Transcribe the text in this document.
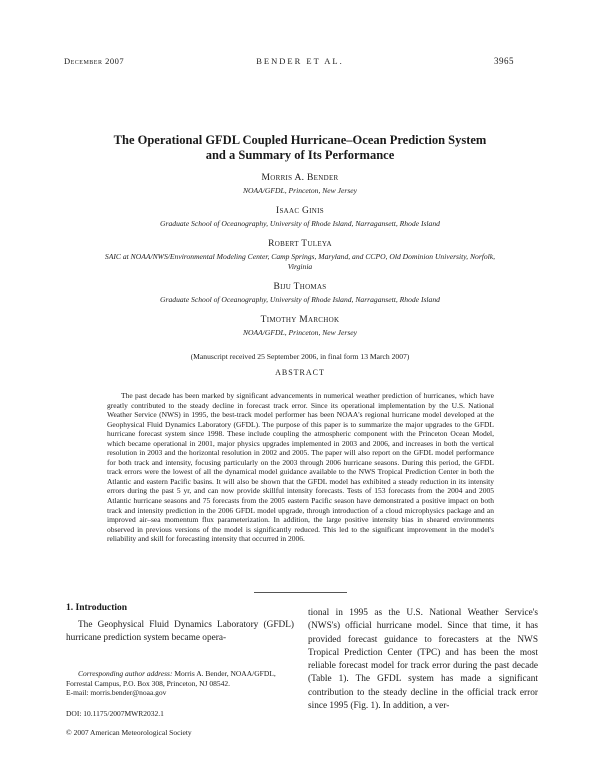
December 2007	BENDER ET AL.	3965

The Operational GFDL Coupled Hurricane–Ocean Prediction System
and a Summary of Its Performance

Morris A. Bender
NOAA/GFDL, Princeton, New Jersey
Isaac Ginis
Graduate School of Oceanography, University of Rhode Island, Narragansett, Rhode Island
Robert Tuleya
SAIC at NOAA/NWS/Environmental Modeling Center, Camp Springs, Maryland, and CCPO, Old Dominion University, Norfolk, Virginia
Biju Thomas
Graduate School of Oceanography, University of Rhode Island, Narragansett, Rhode Island
Timothy Marchok
NOAA/GFDL, Princeton, New Jersey
(Manuscript received 25 September 2006, in final form 13 March 2007)
ABSTRACT

The past decade has been marked by significant advancements in numerical weather prediction of hurricanes, which have greatly contributed to the steady decline in forecast track error. Since its operational implementation by the U.S. National Weather Service (NWS) in 1995, the best-track model performer has been NOAA's regional hurricane model developed at the Geophysical Fluid Dynamics Laboratory (GFDL). The purpose of this paper is to summarize the major upgrades to the GFDL hurricane forecast system since 1998. These include coupling the atmospheric component with the Princeton Ocean Model, which became operational in 2001, major physics upgrades implemented in 2003 and 2006, and increases in both the vertical resolution in 2003 and the horizontal resolution in 2002 and 2005. The paper will also report on the GFDL model performance for both track and intensity, focusing particularly on the 2003 through 2006 hurricane seasons. During this period, the GFDL track errors were the lowest of all the dynamical model guidance available to the NWS Tropical Prediction Center in both the Atlantic and eastern Pacific basins. It will also be shown that the GFDL model has exhibited a steady reduction in its intensity errors during the past 5 yr, and can now provide skillful intensity forecasts. Tests of 153 forecasts from the 2004 and 2005 Atlantic hurricane seasons and 75 forecasts from the 2005 eastern Pacific season have demonstrated a positive impact on both track and intensity prediction in the 2006 GFDL model upgrade, through introduction of a cloud microphysics package and an improved air–sea momentum flux parameterization. In addition, the large positive intensity bias in sheared environments observed in previous versions of the model is significantly reduced. This led to the significant improvement in the model's reliability and skill for forecasting intensity that occurred in 2006.

1. Introduction

The Geophysical Fluid Dynamics Laboratory (GFDL) hurricane prediction system became opera-

Corresponding author address: Morris A. Bender, NOAA/GFDL, Forrestal Campus, P.O. Box 308, Princeton, NJ 08542.
E-mail: morris.bender@noaa.gov

DOI: 10.1175/2007MWR2032.1

© 2007 American Meteorological Society

tional in 1995 as the U.S. National Weather Service's (NWS's) official hurricane model. Since that time, it has provided forecast guidance to forecasters at the NWS Tropical Prediction Center (TPC) and has been the most reliable forecast model for track error during the past decade (Table 1). The GFDL system has made a significant contribution to the steady decline in the official track error since 1995 (Fig. 1). In addition, a ver-
